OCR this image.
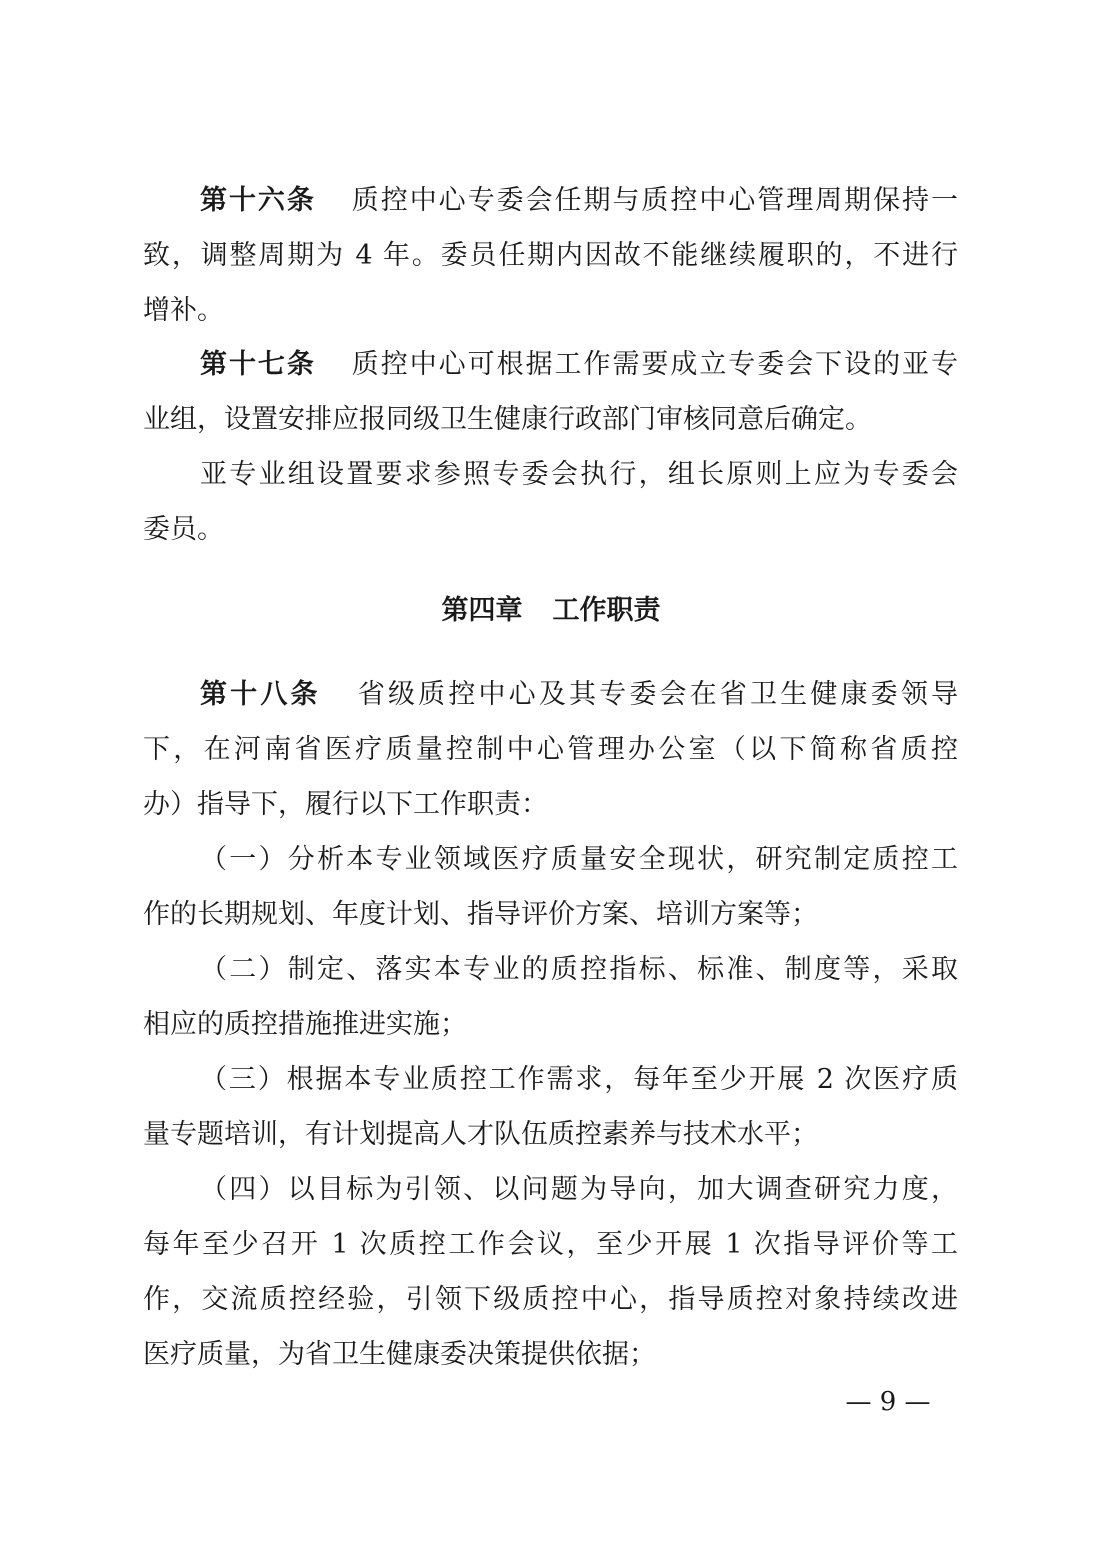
第十六条 质控中心专委会任期与质控中心管理周期保持一
致，调整周期为 4 年。委员任期内因故不能继续履职的，不进行
增补。
第十七条 质控中心可根据工作需要成立专委会下设的亚专
业组，设置安排应报同级卫生健康行政部门审核同意后确定。
亚专业组设置要求参照专委会执行，组长原则上应为专委会
委员。
第四章 工作职责
第十八条 省级质控中心及其专委会在省卫生健康委领导
下，在河南省医疗质量控制中心管理办公室（以下简称省质控
办）指导下，履行以下工作职责：
（一）分析本专业领域医疗质量安全现状，研究制定质控工
作的长期规划、年度计划、指导评价方案、培训方案等；
（二）制定、落实本专业的质控指标、标准、制度等，采取
相应的质控措施推进实施；
（三）根据本专业质控工作需求，每年至少开展 2 次医疗质
量专题培训，有计划提高人才队伍质控素养与技术水平；
（四）以目标为引领、以问题为导向，加大调查研究力度，
每年至少召开 1 次质控工作会议，至少开展 1 次指导评价等工
作，交流质控经验，引领下级质控中心，指导质控对象持续改进
医疗质量，为省卫生健康委决策提供依据；
— 9 —
